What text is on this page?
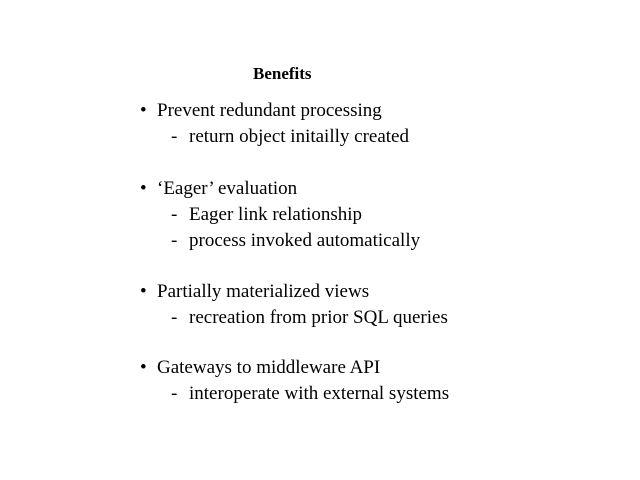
Benefits
• Prevent redundant processing
- return object initailly created
• ‘Eager’ evaluation
- Eager link relationship
- process invoked automatically
• Partially materialized views
- recreation from prior SQL queries
• Gateways to middleware API
- interoperate with external systems
